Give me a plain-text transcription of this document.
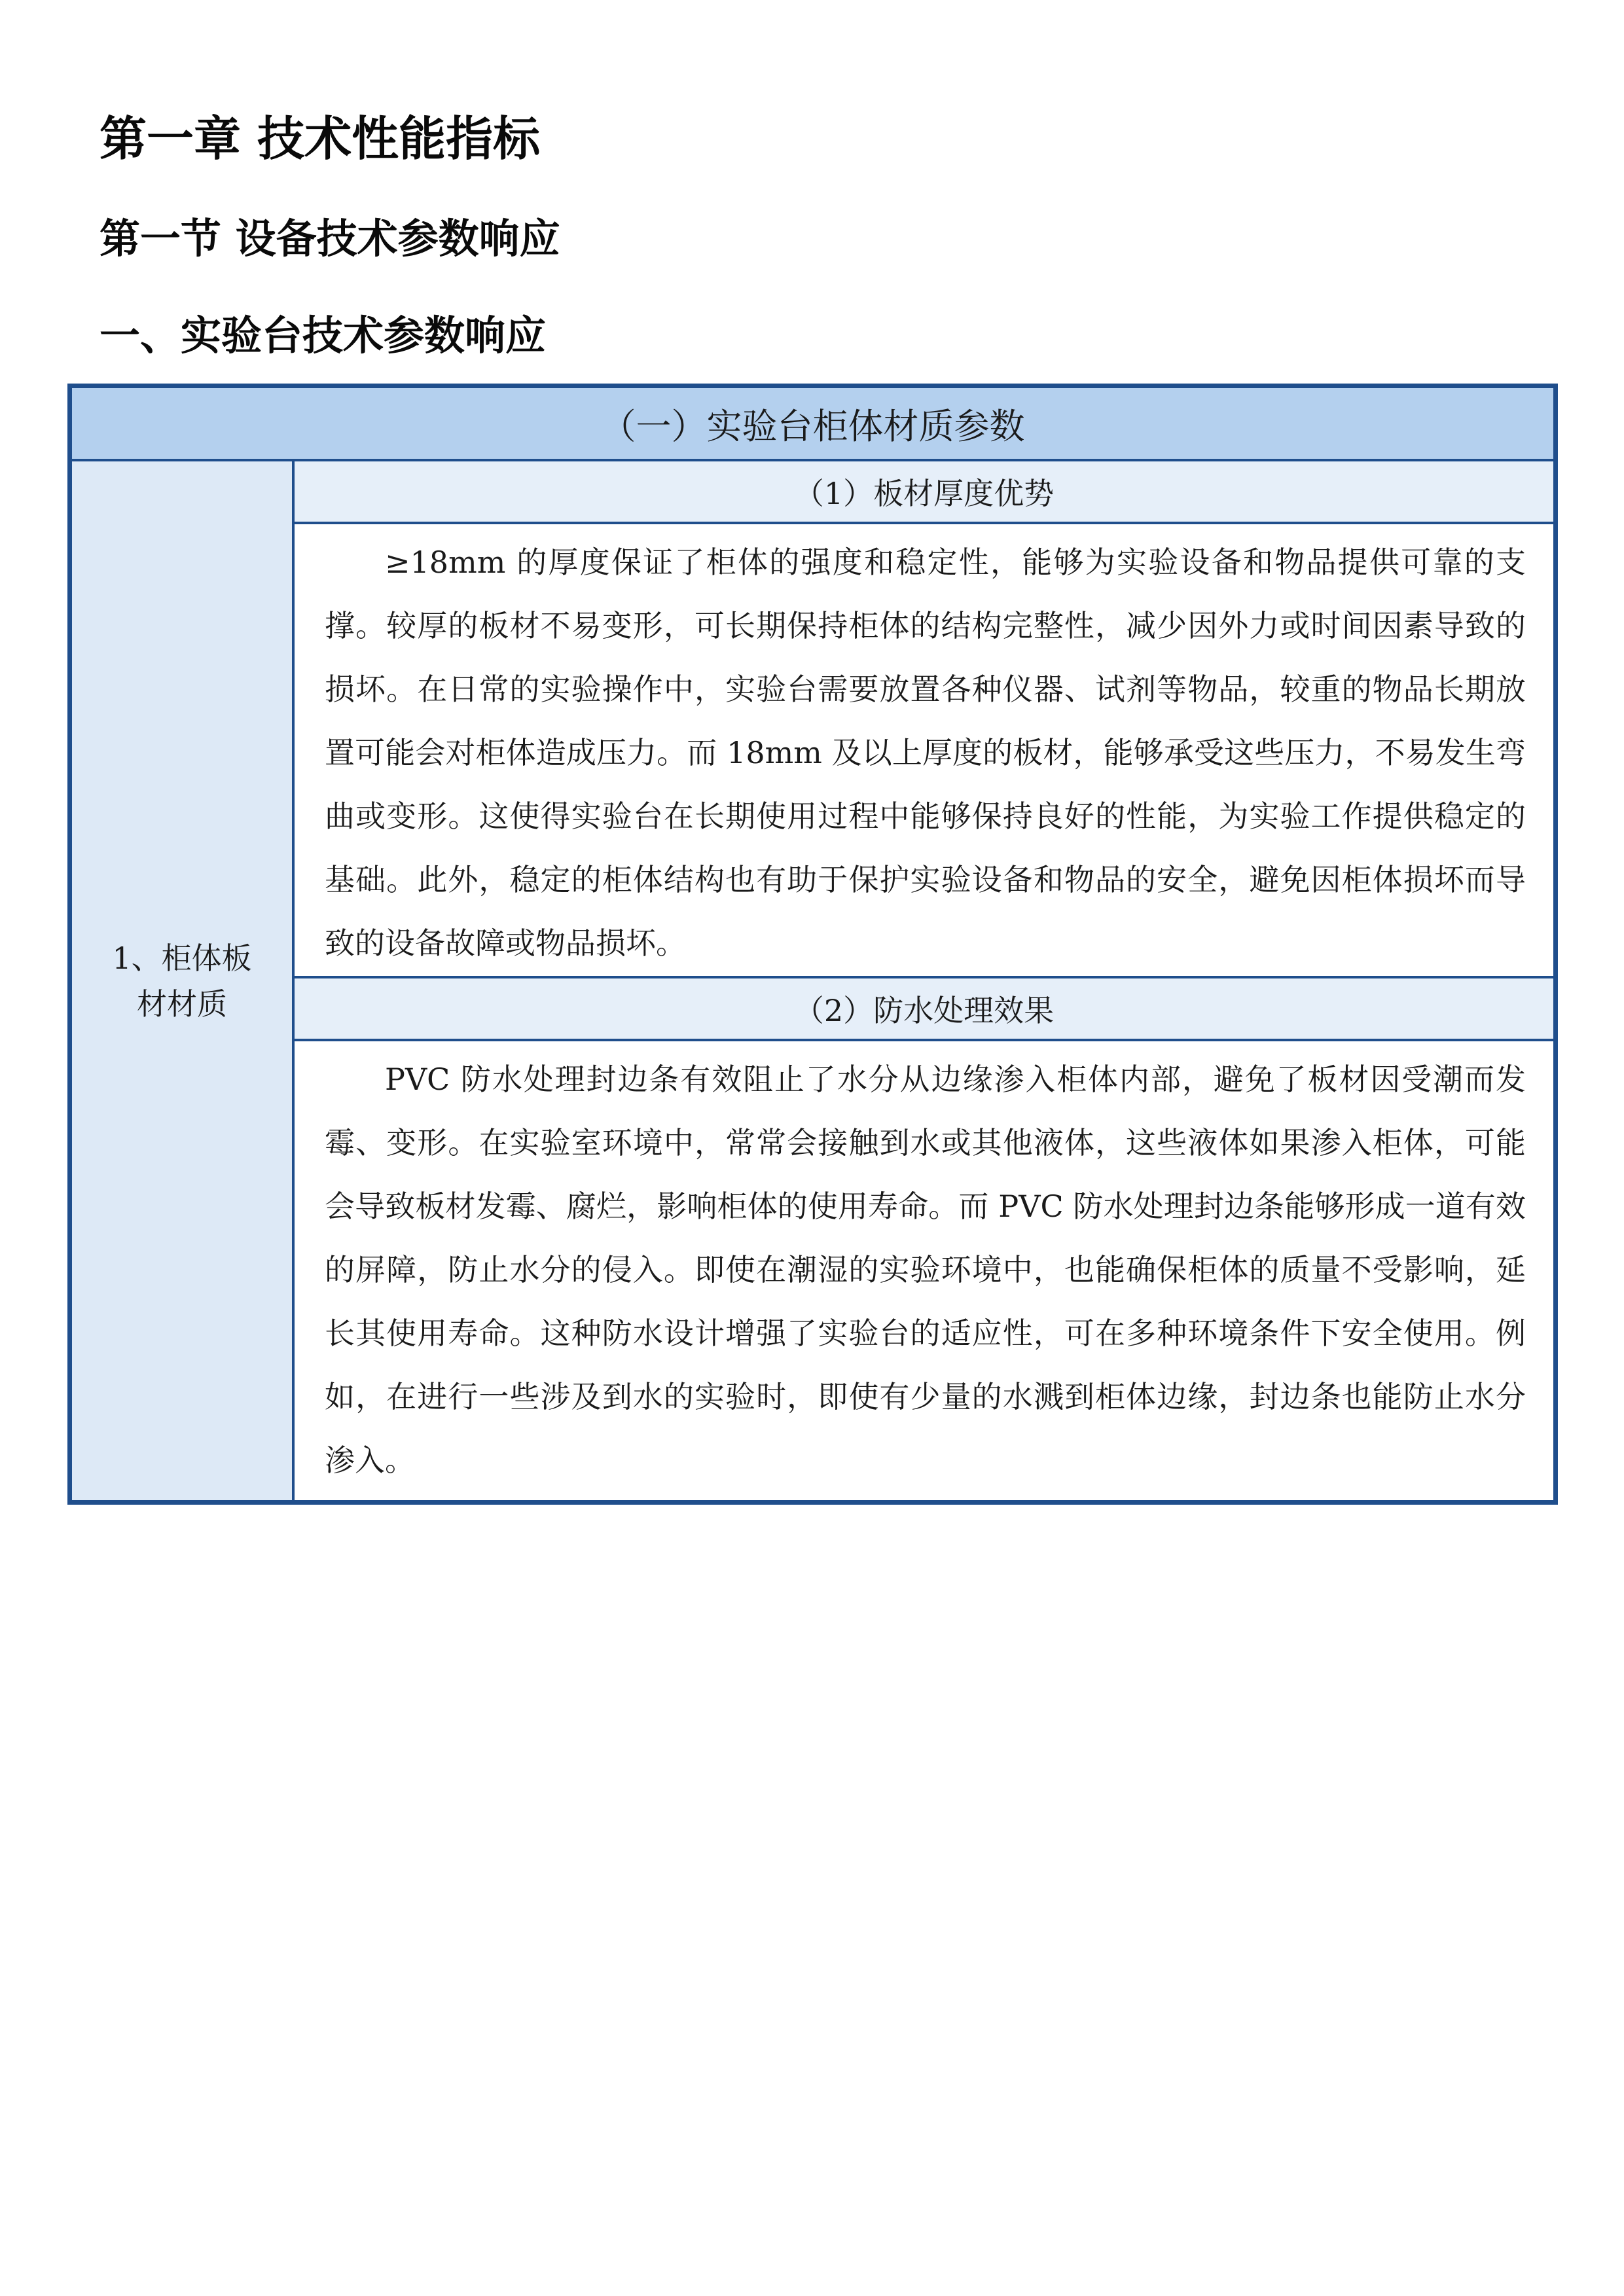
第一章 技术性能指标
第一节 设备技术参数响应
一、实验台技术参数响应
（一）实验台柜体材质参数
1、柜体板材材质
（1）板材厚度优势

≥18mm 的厚度保证了柜体的强度和稳定性，能够为实验设备和物品提供可靠的支撑。较厚的板材不易变形，可长期保持柜体的结构完整性，减少因外力或时间因素导致的损坏。在日常的实验操作中，实验台需要放置各种仪器、试剂等物品，较重的物品长期放置可能会对柜体造成压力。而 18mm 及以上厚度的板材，能够承受这些压力，不易发生弯曲或变形。这使得实验台在长期使用过程中能够保持良好的性能，为实验工作提供稳定的基础。此外，稳定的柜体结构也有助于保护实验设备和物品的安全，避免因柜体损坏而导致的设备故障或物品损坏。

（2）防水处理效果

PVC 防水处理封边条有效阻止了水分从边缘渗入柜体内部，避免了板材因受潮而发霉、变形。在实验室环境中，常常会接触到水或其他液体，这些液体如果渗入柜体，可能会导致板材发霉、腐烂，影响柜体的使用寿命。而 PVC 防水处理封边条能够形成一道有效的屏障，防止水分的侵入。即使在潮湿的实验环境中，也能确保柜体的质量不受影响，延长其使用寿命。这种防水设计增强了实验台的适应性，可在多种环境条件下安全使用。例如，在进行一些涉及到水的实验时，即使有少量的水溅到柜体边缘，封边条也能防止水分渗入。
